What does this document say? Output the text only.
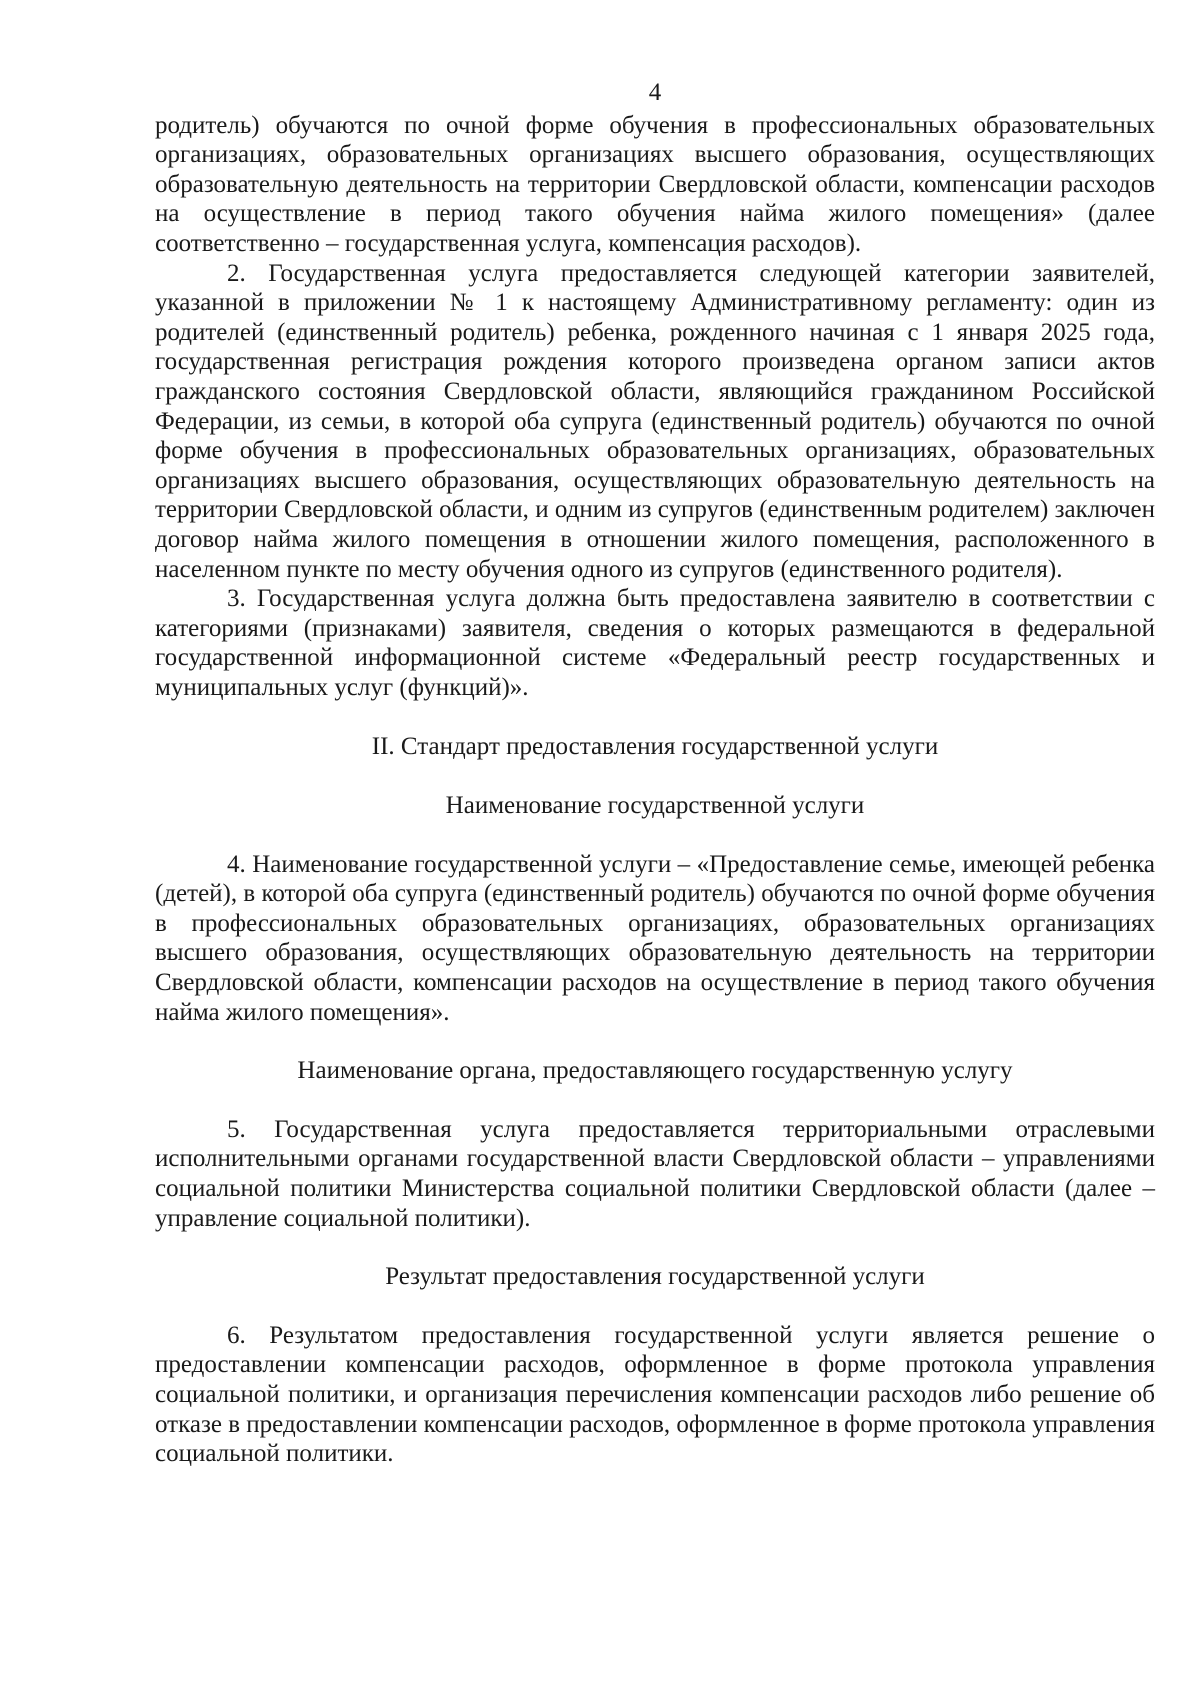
4

родитель) обучаются по очной форме обучения в профессиональных образовательных организациях, образовательных организациях высшего образования, осуществляющих образовательную деятельность на территории Свердловской области, компенсации расходов на осуществление в период такого обучения найма жилого помещения» (далее соответственно – государственная услуга, компенсация расходов).

2. Государственная услуга предоставляется следующей категории заявителей, указанной в приложении № 1 к настоящему Административному регламенту: один из родителей (единственный родитель) ребенка, рожденного начиная с 1 января 2025 года, государственная регистрация рождения которого произведена органом записи актов гражданского состояния Свердловской области, являющийся гражданином Российской Федерации, из семьи, в которой оба супруга (единственный родитель) обучаются по очной форме обучения в профессиональных образовательных организациях, образовательных организациях высшего образования, осуществляющих образовательную деятельность на территории Свердловской области, и одним из супругов (единственным родителем) заключен договор найма жилого помещения в отношении жилого помещения, расположенного в населенном пункте по месту обучения одного из супругов (единственного родителя).

3. Государственная услуга должна быть предоставлена заявителю в соответствии с категориями (признаками) заявителя, сведения о которых размещаются в федеральной государственной информационной системе «Федеральный реестр государственных и муниципальных услуг (функций)».

II. Стандарт предоставления государственной услуги
Наименование государственной услуги

4. Наименование государственной услуги – «Предоставление семье, имеющей ребенка (детей), в которой оба супруга (единственный родитель) обучаются по очной форме обучения в профессиональных образовательных организациях, образовательных организациях высшего образования, осуществляющих образовательную деятельность на территории Свердловской области, компенсации расходов на осуществление в период такого обучения найма жилого помещения».

Наименование органа, предоставляющего государственную услугу

5. Государственная услуга предоставляется территориальными отраслевыми исполнительными органами государственной власти Свердловской области – управлениями социальной политики Министерства социальной политики Свердловской области (далее – управление социальной политики).

Результат предоставления государственной услуги

6. Результатом предоставления государственной услуги является решение о предоставлении компенсации расходов, оформленное в форме протокола управления социальной политики, и организация перечисления компенсации расходов либо решение об отказе в предоставлении компенсации расходов, оформленное в форме протокола управления социальной политики.
